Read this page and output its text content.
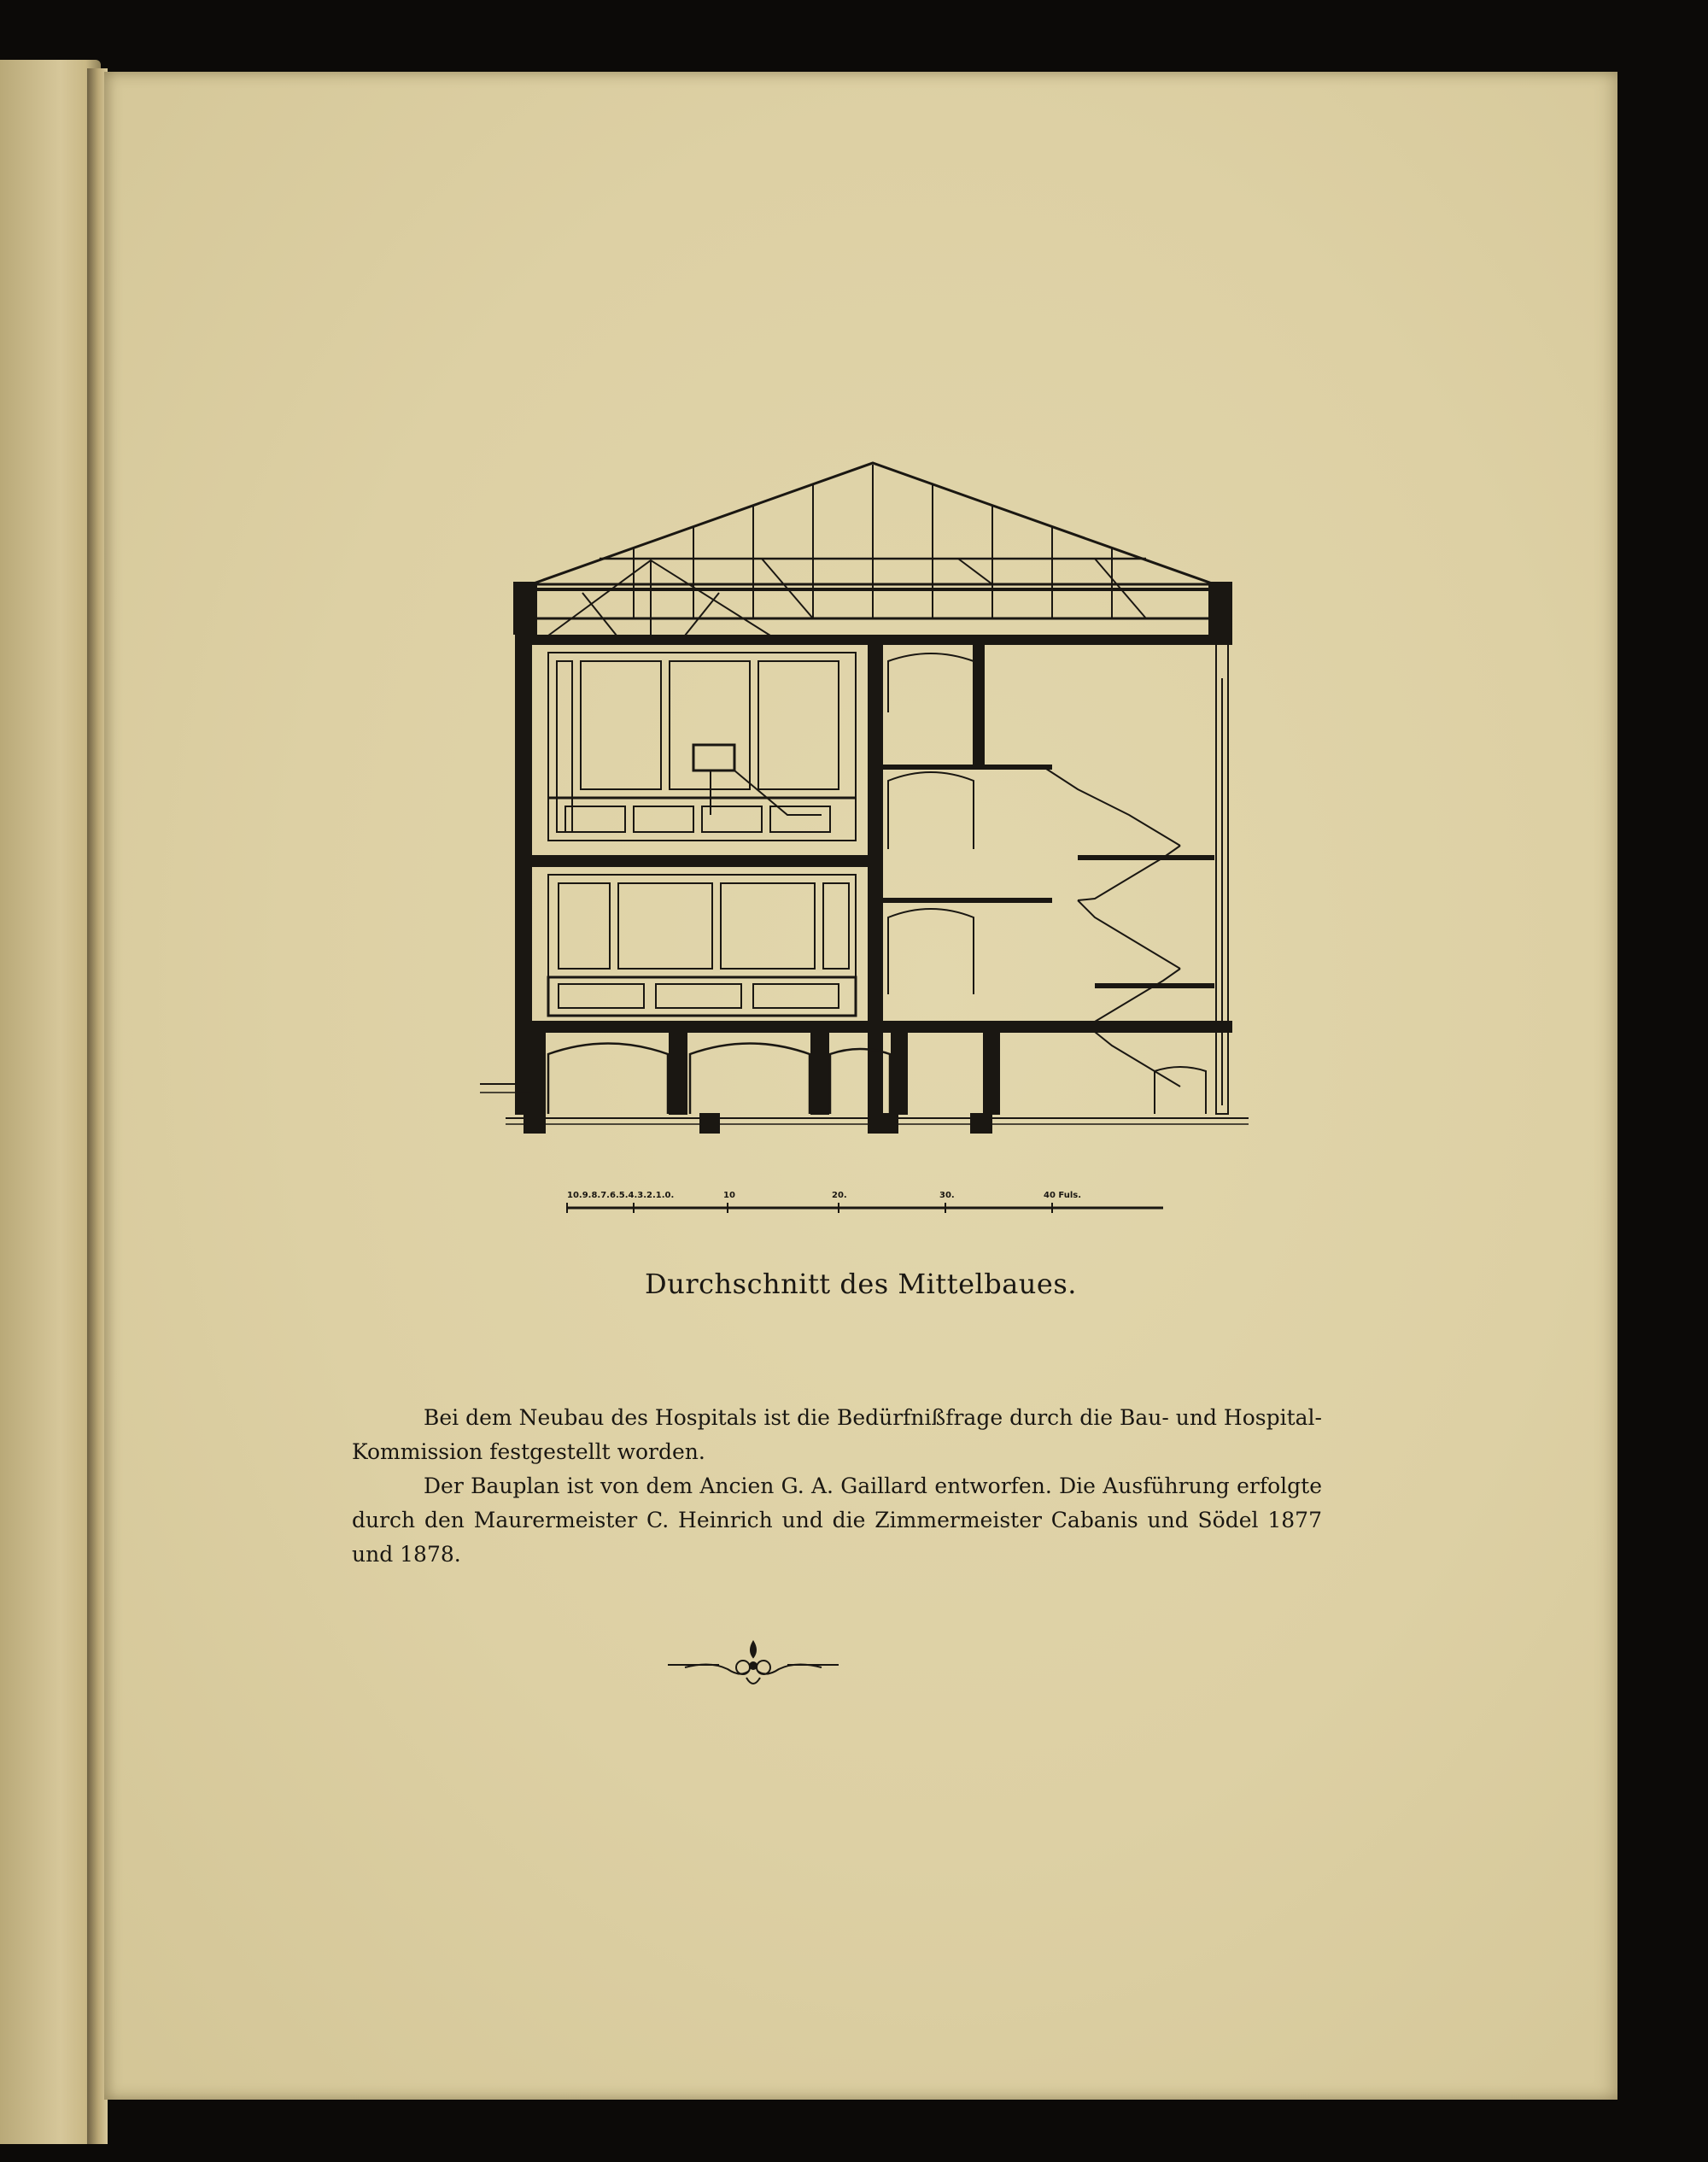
10.9.8.7.6.5.4.3.2.1.0.	10	20.	30.	40 Fuls.
Durchschnitt des Mittelbaues.

Bei dem Neubau des Hospitals ist die Bedürfnißfrage durch die Bau- und Hospital-Kommission festgestellt worden.

Der Bauplan ist von dem Ancien G. A. Gaillard entworfen. Die Ausführung erfolgte durch den Maurermeister C. Heinrich und die Zimmermeister Cabanis und Södel 1877 und 1878.
